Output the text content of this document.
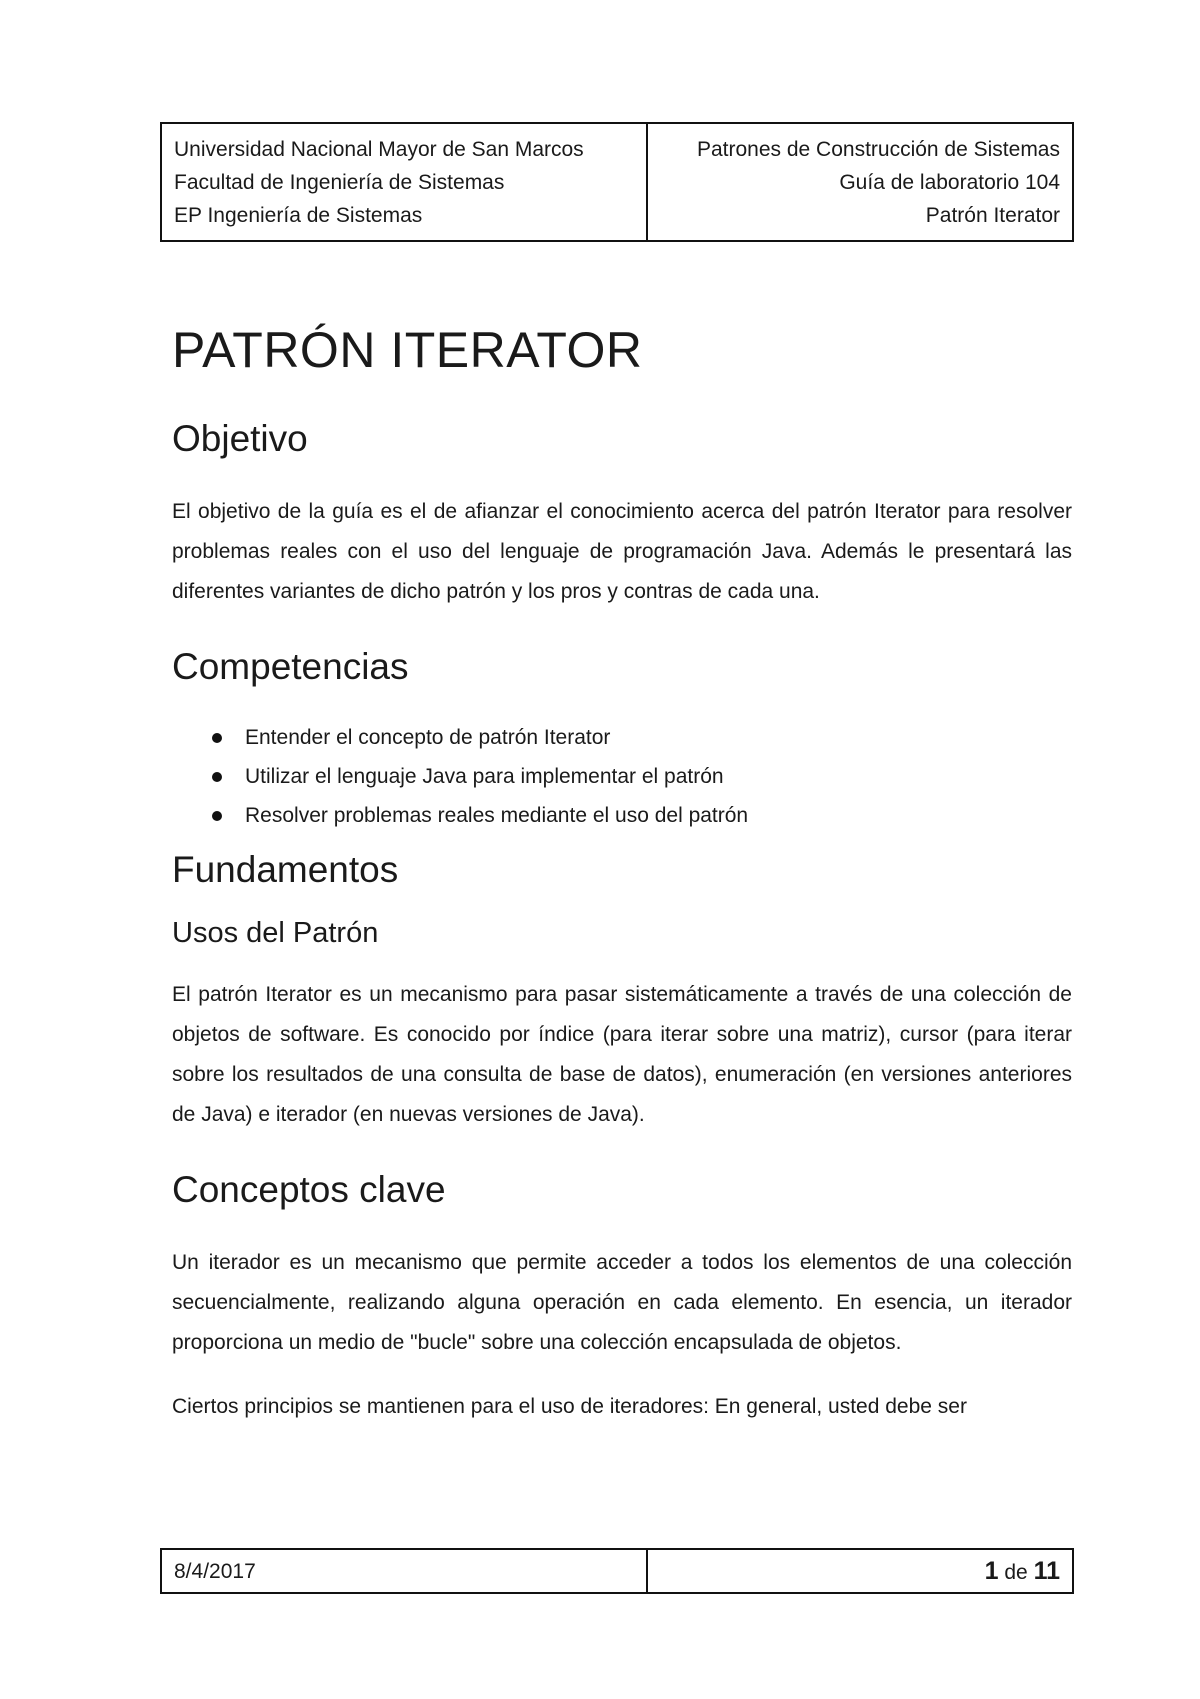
Universidad Nacional Mayor de San Marcos
Facultad de Ingeniería de Sistemas
EP Ingeniería de Sistemas
Patrones de Construcción de Sistemas
Guía de laboratorio 104
Patrón Iterator
PATRÓN ITERATOR
Objetivo

El objetivo de la guía es el de afianzar el conocimiento acerca del patrón Iterator para resolver problemas reales con el uso del lenguaje de programación Java. Además le presentará las diferentes variantes de dicho patrón y los pros y contras de cada una.

Competencias
Entender el concepto de patrón Iterator
Utilizar el lenguaje Java para implementar el patrón
Resolver problemas reales mediante el uso del patrón
Fundamentos
Usos del Patrón

El patrón Iterator es un mecanismo para pasar sistemáticamente a través de una colección de objetos de software. Es conocido por índice (para iterar sobre una matriz), cursor (para iterar sobre los resultados de una consulta de base de datos), enumeración (en versiones anteriores de Java) e iterador (en nuevas versiones de Java).

Conceptos clave

Un iterador es un mecanismo que permite acceder a todos los elementos de una colección secuencialmente, realizando alguna operación en cada elemento. En esencia, un iterador proporciona un medio de "bucle" sobre una colección encapsulada de objetos.

Ciertos principios se mantienen para el uso de iteradores: En general, usted debe ser

8/4/2017	1 de 11
